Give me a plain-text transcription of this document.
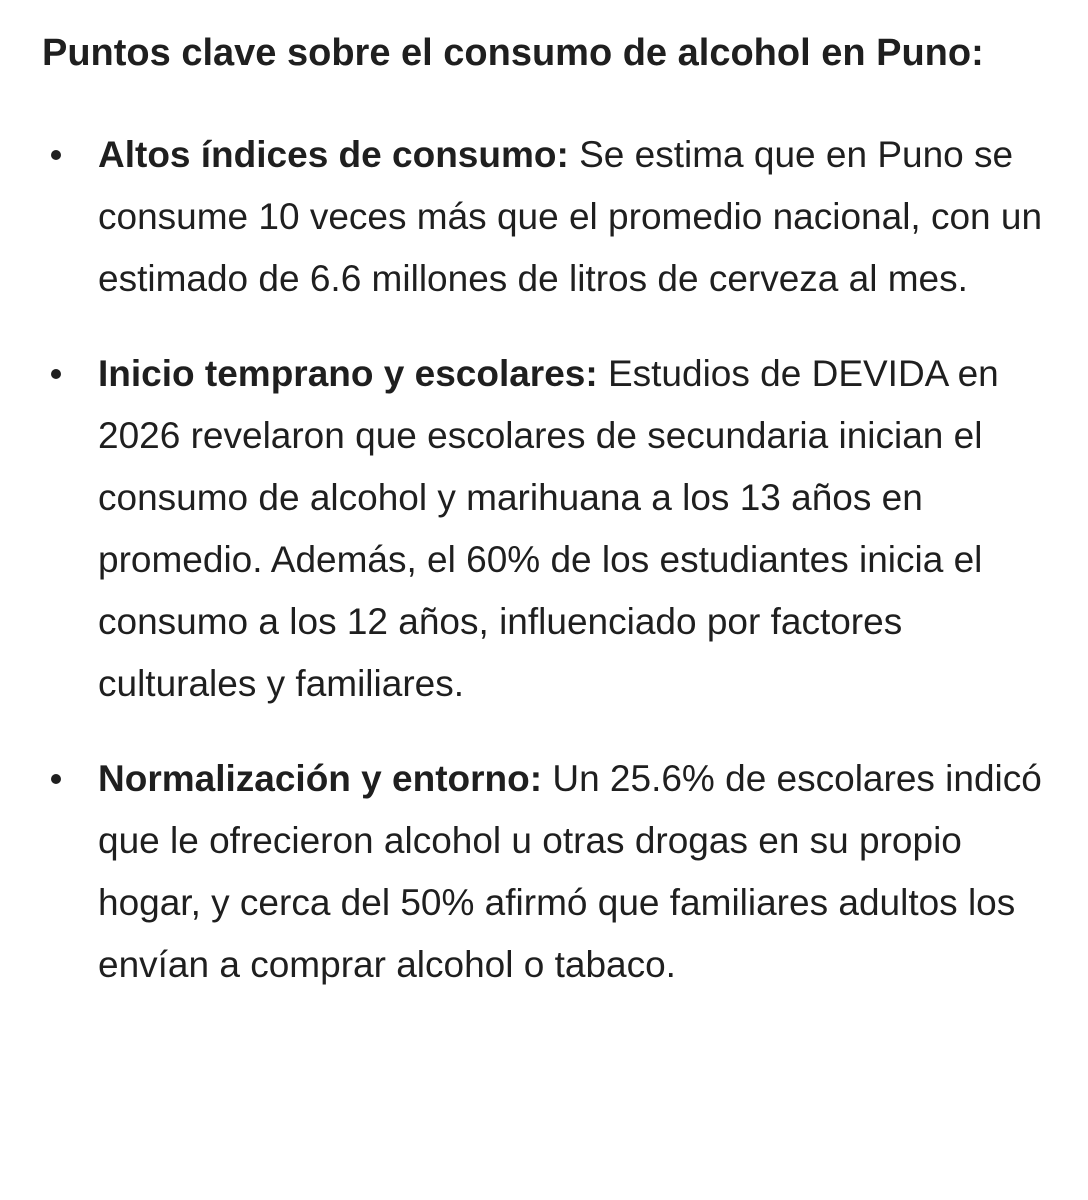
Puntos clave sobre el consumo de alcohol en Puno:
Altos índices de consumo: Se estima que en Puno se consume 10 veces más que el promedio nacional, con un estimado de 6.6 millones de litros de cerveza al mes.
Inicio temprano y escolares: Estudios de DEVIDA en 2026 revelaron que escolares de secundaria inician el consumo de alcohol y marihuana a los 13 años en promedio. Además, el 60% de los estudiantes inicia el consumo a los 12 años, influenciado por factores culturales y familiares.
Normalización y entorno: Un 25.6% de escolares indicó que le ofrecieron alcohol u otras drogas en su propio hogar, y cerca del 50% afirmó que familiares adultos los envían a comprar alcohol o tabaco.
